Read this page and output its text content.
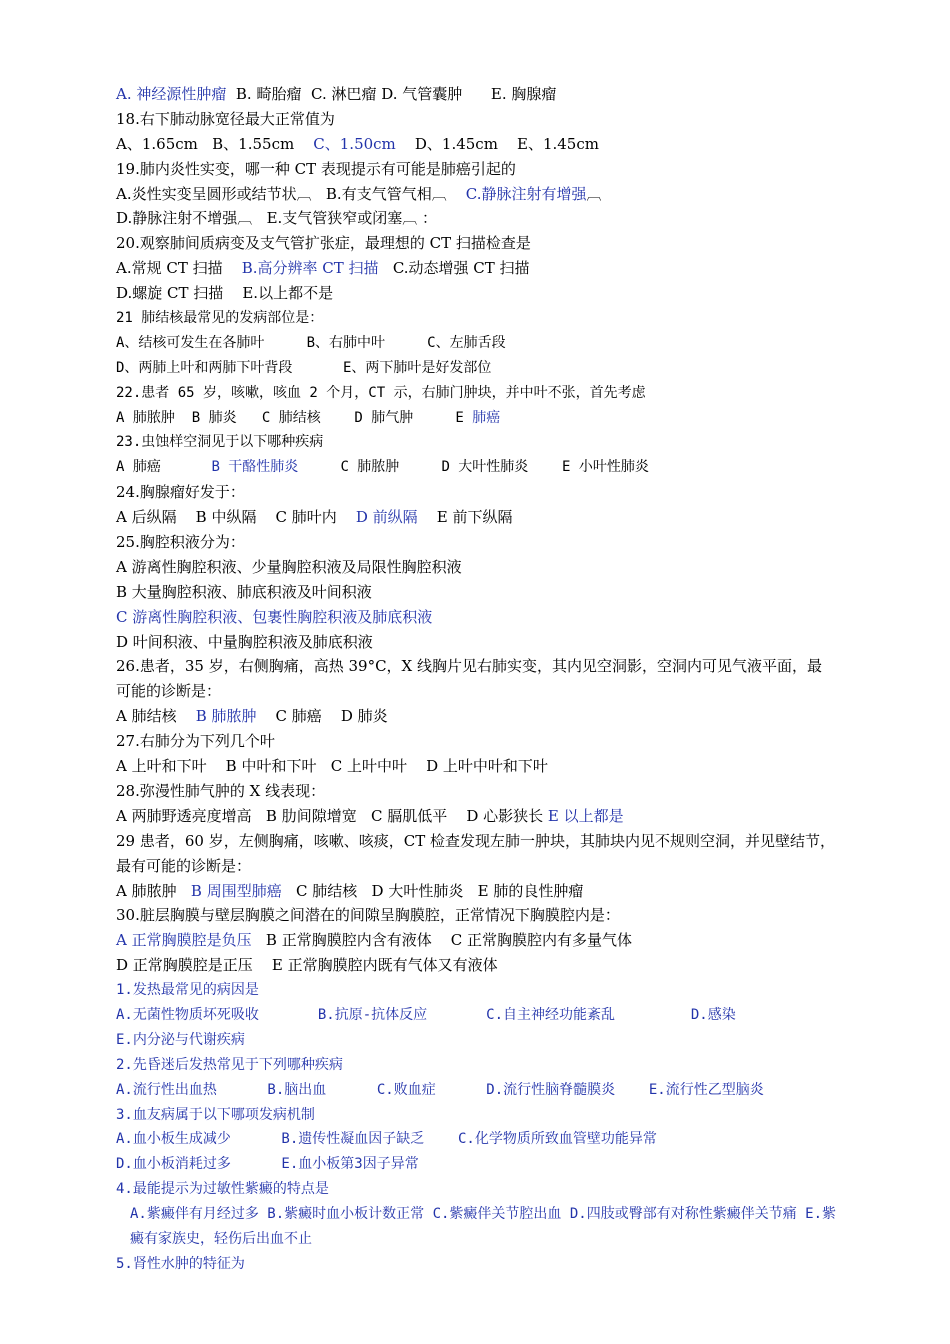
A. 神经源性肿瘤  B. 畸胎瘤  C. 淋巴瘤 D. 气管囊肿      E. 胸腺瘤
18.右下肺动脉宽径最大正常值为
A、1.65cm   B、1.55cm    C、1.50cm    D、1.45cm    E、1.45cm
19.肺内炎性实变，哪一种 CT 表现提示有可能是肺癌引起的
A.炎性实变呈圆形或结节状︹   B.有支气管气相︹    C.静脉注射有增强︹
D.静脉注射不增强︹   E.支气管狭窄或闭塞︹ ：
20.观察肺间质病变及支气管扩张症，最理想的 CT 扫描检查是
A.常规 CT 扫描    B.高分辨率 CT 扫描   C.动态增强 CT 扫描
D.螺旋 CT 扫描    E.以上都不是
21 肺结核最常见的发病部位是：
A、结核可发生在各肺叶     B、右肺中叶     C、左肺舌段
D、两肺上叶和两肺下叶背段      E、两下肺叶是好发部位
22.患者 65 岁，咳嗽，咳血 2 个月，CT 示，右肺门肿块，并中叶不张，首先考虑
A 肺脓肿  B 肺炎   C 肺结核    D 肺气肿     E 肺癌
23.虫蚀样空洞见于以下哪种疾病
A 肺癌      B 干酪性肺炎     C 肺脓肿     D 大叶性肺炎    E 小叶性肺炎
24.胸腺瘤好发于：
A 后纵隔    B 中纵隔    C 肺叶内    D 前纵隔    E 前下纵隔
25.胸腔积液分为：
A 游离性胸腔积液、少量胸腔积液及局限性胸腔积液
B 大量胸腔积液、肺底积液及叶间积液
C 游离性胸腔积液、包裹性胸腔积液及肺底积液
D 叶间积液、中量胸腔积液及肺底积液
26.患者，35 岁，右侧胸痛，高热 39°C，X 线胸片见右肺实变，其内见空洞影，空洞内可见气液平面，最可能的诊断是：
A 肺结核    B 肺脓肿    C 肺癌    D 肺炎
27.右肺分为下列几个叶
A 上叶和下叶    B 中叶和下叶   C 上叶中叶    D 上叶中叶和下叶
28.弥漫性肺气肿的 X 线表现：
A 两肺野透亮度增高   B 肋间隙增宽   C 膈肌低平    D 心影狭长 E 以上都是
29 患者，60 岁，左侧胸痛，咳嗽、咳痰，CT 检查发现左肺一肿块，其肺块内见不规则空洞，并见壁结节，最有可能的诊断是：
A 肺脓肿   B 周围型肺癌   C 肺结核   D 大叶性肺炎   E 肺的良性肿瘤
30.脏层胸膜与壁层胸膜之间潜在的间隙呈胸膜腔，正常情况下胸膜腔内是：
A 正常胸膜腔是负压   B 正常胸膜腔内含有液体    C 正常胸膜腔内有多量气体
D 正常胸膜腔是正压    E 正常胸膜腔内既有气体又有液体
1.发热最常见的病因是
A.无菌性物质坏死吸收       B.抗原-抗体反应       C.自主神经功能紊乱         D.感染
E.内分泌与代谢疾病
2.先昏迷后发热常见于下列哪种疾病
A.流行性出血热      B.脑出血      C.败血症      D.流行性脑脊髓膜炎    E.流行性乙型脑炎
3.血友病属于以下哪项发病机制
A.血小板生成减少      B.遗传性凝血因子缺乏    C.化学物质所致血管壁功能异常
D.血小板消耗过多      E.血小板第3因子异常
4.最能提示为过敏性紫癜的特点是
A.紫癜伴有月经过多 B.紫癜时血小板计数正常 C.紫癜伴关节腔出血 D.四肢或臀部有对称性紫癜伴关节痛 E.紫癜有家族史，轻伤后出血不止
5.肾性水肿的特征为
